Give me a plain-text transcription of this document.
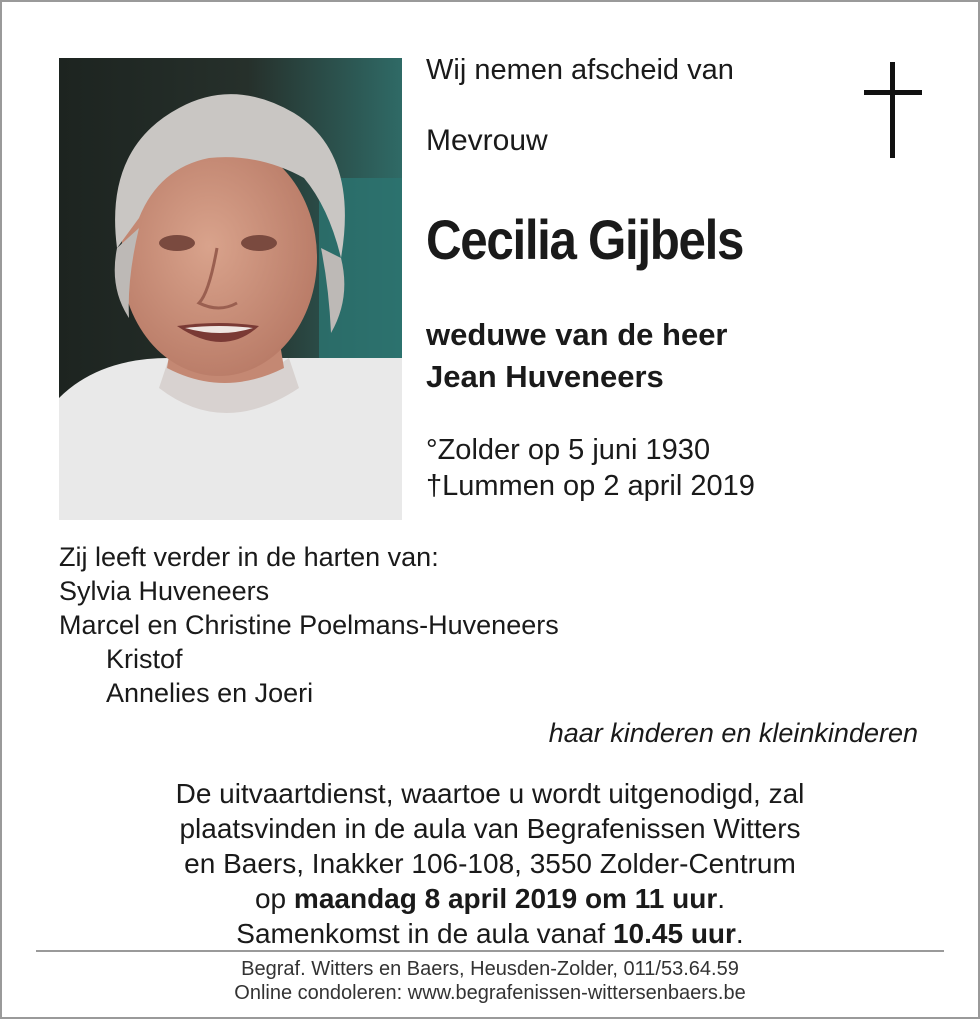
Wij nemen afscheid van
Mevrouw
Cecilia Gijbels
weduwe van de heer
Jean Huveneers
°Zolder op 5 juni 1930
†Lummen op 2 april 2019
Zij leeft verder in de harten van:
Sylvia Huveneers
Marcel en Christine Poelmans-Huveneers
Kristof
Annelies en Joeri
haar kinderen en kleinkinderen
De uitvaartdienst, waartoe u wordt uitgenodigd, zal
plaatsvinden in de aula van Begrafenissen Witters
en Baers, Inakker 106-108, 3550 Zolder-Centrum
op maandag 8 april 2019 om 11 uur.
Samenkomst in de aula vanaf 10.45 uur.
Begraf. Witters en Baers, Heusden-Zolder, 011/53.64.59
Online condoleren: www.begrafenissen-wittersenbaers.be
